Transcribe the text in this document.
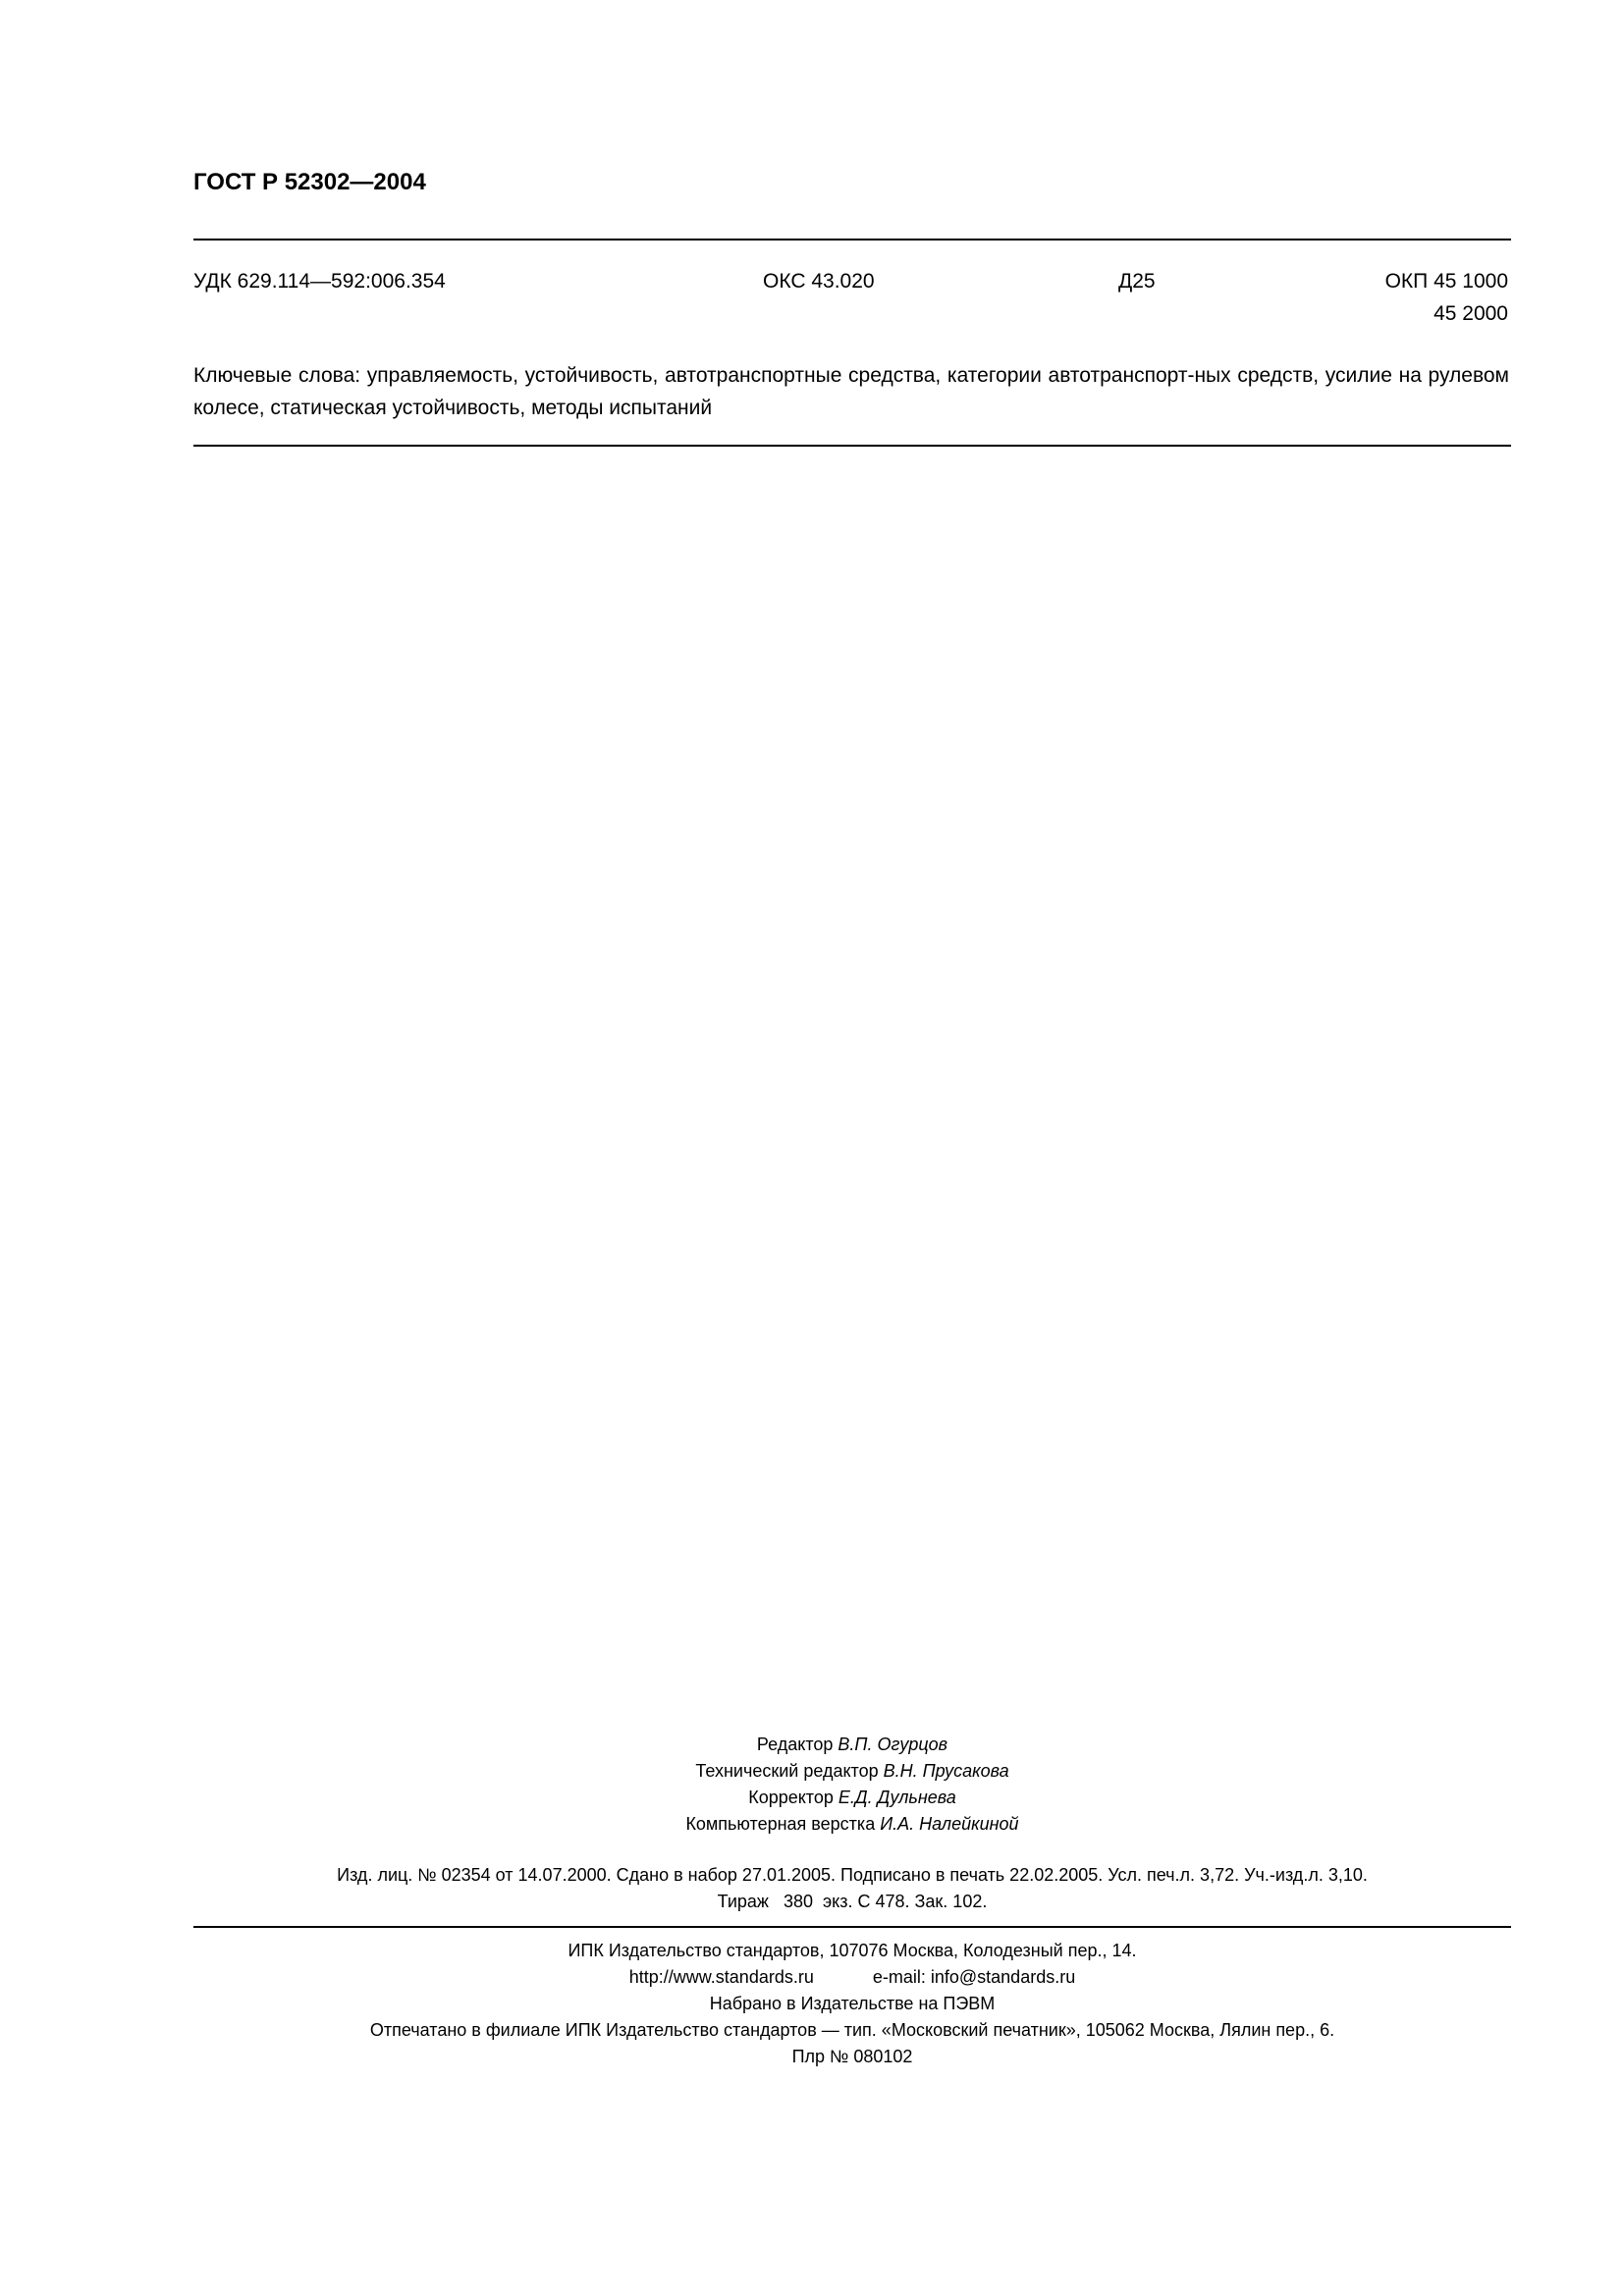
ГОСТ Р 52302—2004
УДК 629.114—592:006.354	ОКС 43.020	Д25	ОКП 45 1000
45 2000
Ключевые слова: управляемость, устойчивость, автотранспортные средства, категории автотранспорт-ных средств, усилие на рулевом колесе, статическая устойчивость, методы испытаний
Редактор В.П. Огурцов
Технический редактор В.Н. Прусакова
Корректор Е.Д. Дульнева
Компьютерная верстка И.А. Налейкиной
Изд. лиц. № 02354 от 14.07.2000. Сдано в набор 27.01.2005. Подписано в печать 22.02.2005. Усл. печ.л. 3,72. Уч.-изд.л. 3,10.
Тираж   380  экз. С 478. Зак. 102.
ИПК Издательство стандартов, 107076 Москва, Колодезный пер., 14.
http://www.standards.ru	e-mail: info@standards.ru
Набрано в Издательстве на ПЭВМ
Отпечатано в филиале ИПК Издательство стандартов — тип. «Московский печатник», 105062 Москва, Лялин пер., 6.
Плр № 080102
